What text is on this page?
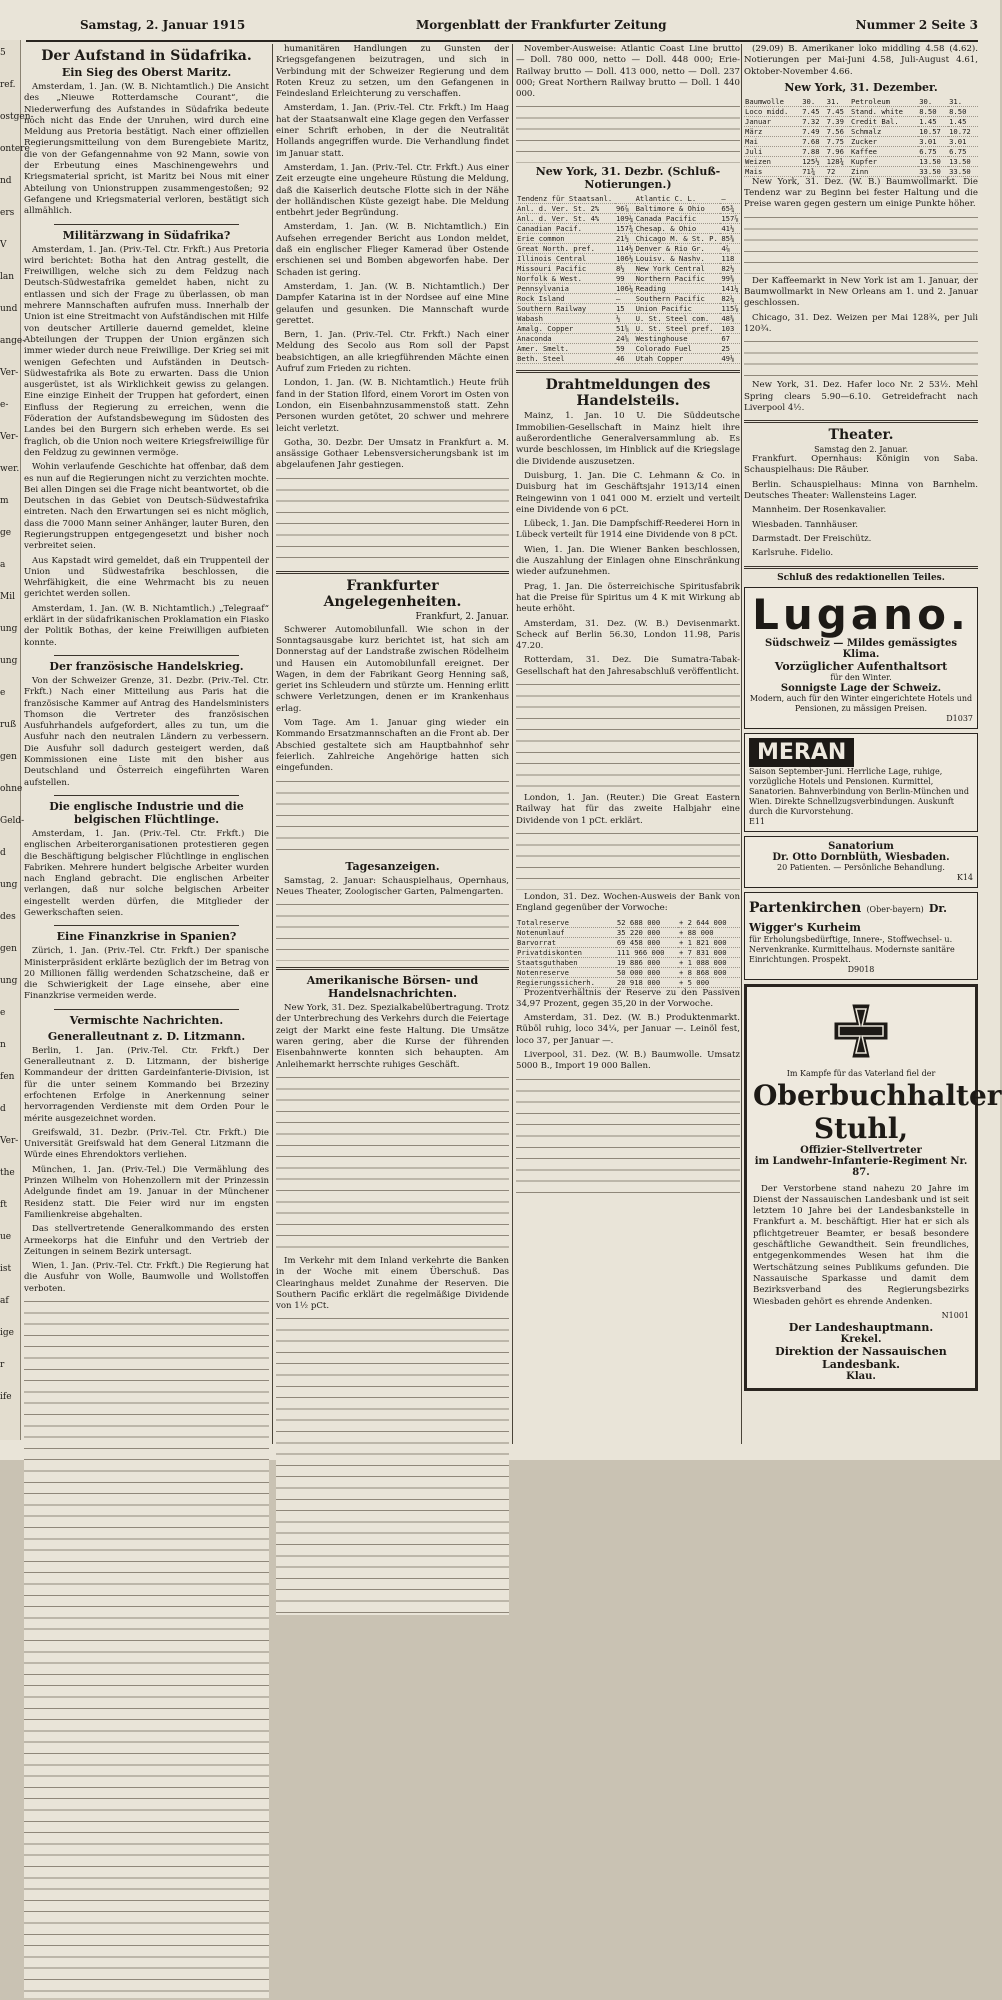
5
ref.
ostgen-
ontere
nd
ers
V
lan
und
ange-
Ver-
e-
Ver-
wer.
m
ge
a
Mil
ung
ung
e
ruß
gen
ohne
Geld-
d
ung
des
gen
ung
e
n
fen
d
Ver-
the
ft
ue
ist
af
ige
r
ife
Samstag, 2. Januar 1915	Morgenblatt der Frankfurter Zeitung	Nummer 2 Seite 3
Der Aufstand in Südafrika.
Ein Sieg des Oberst Maritz.

Amsterdam, 1. Jan. (W. B. Nichtamtlich.) Die Ansicht des „Nieuwe Rotterdamsche Courant“, die Niederwerfung des Aufstandes in Südafrika bedeute noch nicht das Ende der Unruhen, wird durch eine Meldung aus Pretoria bestätigt. Nach einer offiziellen Regierungsmitteilung von dem Burengebiete Maritz, die von der Gefangennahme von 92 Mann, sowie von der Erbeutung eines Maschinengewehrs und Kriegsmaterial spricht, ist Maritz bei Nous mit einer Abteilung von Unionstruppen zusammengestoßen; 92 Gefangene und Kriegsmaterial verloren, bestätigt sich allmählich.

Militärzwang in Südafrika?

Amsterdam, 1. Jan. (Priv.-Tel. Ctr. Frkft.) Aus Pretoria wird berichtet: Botha hat den Antrag gestellt, die Freiwilligen, welche sich zu dem Feldzug nach Deutsch-Südwestafrika gemeldet haben, nicht zu entlassen und sich der Frage zu überlassen, ob man mehrere Mannschaften aufrufen muss. Innerhalb der Union ist eine Streitmacht von Aufständischen mit Hilfe von deutscher Artillerie dauernd gemeldet, kleine Abteilungen der Truppen der Union ergänzen sich immer wieder durch neue Freiwillige. Der Krieg sei mit wenigen Gefechten und Aufständen in Deutsch-Südwestafrika als Bote zu erwarten. Dass die Union ausgerüstet, ist als Wirklichkeit gewiss zu gelangen. Eine einzige Einheit der Truppen hat gefordert, einen Einfluss der Regierung zu erreichen, wenn die Föderation der Aufstandsbewegung im Südosten des Landes bei den Burgern sich erheben werde. Es sei fraglich, ob die Union noch weitere Kriegsfreiwillige für den Feldzug zu gewinnen vermöge.

Wohin verlaufende Geschichte hat offenbar, daß dem es nun auf die Regierungen nicht zu verzichten mochte. Bei allen Dingen sei die Frage nicht beantwortet, ob die Deutschen in das Gebiet von Deutsch-Südwestafrika eintreten. Nach den Erwartungen sei es nicht möglich, dass die 7000 Mann seiner Anhänger, lauter Buren, den Regierungstruppen entgegengesetzt und bisher noch verbreitet seien.

Aus Kapstadt wird gemeldet, daß ein Truppenteil der Union und Südwestafrika beschlossen, die Wehrfähigkeit, die eine Wehrmacht bis zu neuen gerichtet werden sollen.

Amsterdam, 1. Jan. (W. B. Nichtamtlich.) „Telegraaf“ erklärt in der südafrikanischen Proklamation ein Fiasko der Politik Bothas, der keine Freiwilligen aufbieten konnte.

Der französische Handelskrieg.

Von der Schweizer Grenze, 31. Dezbr. (Priv.-Tel. Ctr. Frkft.) Nach einer Mitteilung aus Paris hat die französische Kammer auf Antrag des Handelsministers Thomson die Vertreter des französischen Ausfuhrhandels aufgefordert, alles zu tun, um die Ausfuhr nach den neutralen Ländern zu verbessern. Die Ausfuhr soll dadurch gesteigert werden, daß Kommissionen eine Liste mit den bisher aus Deutschland und Österreich eingeführten Waren aufstellen.

Die englische Industrie und die belgischen Flüchtlinge.

Amsterdam, 1. Jan. (Priv.-Tel. Ctr. Frkft.) Die englischen Arbeiterorganisationen protestieren gegen die Beschäftigung belgischer Flüchtlinge in englischen Fabriken. Mehrere hundert belgische Arbeiter wurden nach England gebracht. Die englischen Arbeiter verlangen, daß nur solche belgischen Arbeiter eingestellt werden dürfen, die Mitglieder der Gewerkschaften seien.

Eine Finanzkrise in Spanien?

Zürich, 1. Jan. (Priv.-Tel. Ctr. Frkft.) Der spanische Ministerpräsident erklärte bezüglich der im Betrag von 20 Millionen fällig werdenden Schatzscheine, daß er die Schwierigkeit der Lage einsehe, aber eine Finanzkrise vermeiden werde.

Vermischte Nachrichten.
Generalleutnant z. D. Litzmann.

Berlin, 1. Jan. (Priv.-Tel. Ctr. Frkft.) Der Generalleutnant z. D. Litzmann, der bisherige Kommandeur der dritten Gardeinfanterie-Division, ist für die unter seinem Kommando bei Brzeziny erfochtenen Erfolge in Anerkennung seiner hervorragenden Verdienste mit dem Orden Pour le mérite ausgezeichnet worden.

Greifswald, 31. Dezbr. (Priv.-Tel. Ctr. Frkft.) Die Universität Greifswald hat dem General Litzmann die Würde eines Ehrendoktors verliehen.

München, 1. Jan. (Priv.-Tel.) Die Vermählung des Prinzen Wilhelm von Hohenzollern mit der Prinzessin Adelgunde findet am 19. Januar in der Münchener Residenz statt. Die Feier wird nur im engsten Familienkreise abgehalten.

Das stellvertretende Generalkommando des ersten Armeekorps hat die Einfuhr und den Vertrieb der Zeitungen in seinem Bezirk untersagt.

Wien, 1. Jan. (Priv.-Tel. Ctr. Frkft.) Die Regierung hat die Ausfuhr von Wolle, Baumwolle und Wollstoffen verboten.

humanitären Handlungen zu Gunsten der Kriegsgefangenen beizutragen, und sich in Verbindung mit der Schweizer Regierung und dem Roten Kreuz zu setzen, um den Gefangenen in Feindesland Erleichterung zu verschaffen.

Amsterdam, 1. Jan. (Priv.-Tel. Ctr. Frkft.) Im Haag hat der Staatsanwalt eine Klage gegen den Verfasser einer Schrift erhoben, in der die Neutralität Hollands angegriffen wurde. Die Verhandlung findet im Januar statt.

Amsterdam, 1. Jan. (Priv.-Tel. Ctr. Frkft.) Aus einer Zeit erzeugte eine ungeheure Rüstung die Meldung, daß die Kaiserlich deutsche Flotte sich in der Nähe der holländischen Küste gezeigt habe. Die Meldung entbehrt jeder Begründung.

Amsterdam, 1. Jan. (W. B. Nichtamtlich.) Ein Aufsehen erregender Bericht aus London meldet, daß ein englischer Flieger Kamerad über Ostende erschienen sei und Bomben abgeworfen habe. Der Schaden ist gering.

Amsterdam, 1. Jan. (W. B. Nichtamtlich.) Der Dampfer Katarina ist in der Nordsee auf eine Mine gelaufen und gesunken. Die Mannschaft wurde gerettet.

Bern, 1. Jan. (Priv.-Tel. Ctr. Frkft.) Nach einer Meldung des Secolo aus Rom soll der Papst beabsichtigen, an alle kriegführenden Mächte einen Aufruf zum Frieden zu richten.

London, 1. Jan. (W. B. Nichtamtlich.) Heute früh fand in der Station Ilford, einem Vorort im Osten von London, ein Eisenbahnzusammenstoß statt. Zehn Personen wurden getötet, 20 schwer und mehrere leicht verletzt.

Gotha, 30. Dezbr. Der Umsatz in Frankfurt a. M. ansässige Gothaer Lebensversicherungsbank ist im abgelaufenen Jahr gestiegen.

Frankfurter Angelegenheiten.
Frankfurt, 2. Januar.

Schwerer Automobilunfall. Wie schon in der Sonntagsausgabe kurz berichtet ist, hat sich am Donnerstag auf der Landstraße zwischen Rödelheim und Hausen ein Automobilunfall ereignet. Der Wagen, in dem der Fabrikant Georg Henning saß, geriet ins Schleudern und stürzte um. Henning erlitt schwere Verletzungen, denen er im Krankenhaus erlag.

Vom Tage. Am 1. Januar ging wieder ein Kommando Ersatzmannschaften an die Front ab. Der Abschied gestaltete sich am Hauptbahnhof sehr feierlich. Zahlreiche Angehörige hatten sich eingefunden.

Tagesanzeigen.

Samstag, 2. Januar: Schauspielhaus, Opernhaus, Neues Theater, Zoologischer Garten, Palmengarten.

Amerikanische Börsen- und Handelsnachrichten.

New York, 31. Dez. Spezialkabelübertragung. Trotz der Unterbrechung des Verkehrs durch die Feiertage zeigt der Markt eine feste Haltung. Die Umsätze waren gering, aber die Kurse der führenden Eisenbahnwerte konnten sich behaupten. Am Anleihemarkt herrschte ruhiges Geschäft.

Im Verkehr mit dem Inland verkehrte die Banken in der Woche mit einem Überschuß. Das Clearinghaus meldet Zunahme der Reserven. Die Southern Pacific erklärt die regelmäßige Dividende von 1½ pCt.

November-Ausweise: Atlantic Coast Line brutto — Doll. 780 000, netto — Doll. 448 000; Erie-Railway brutto — Doll. 413 000, netto — Doll. 237 000; Great Northern Railway brutto — Doll. 1 440 000.

New York, 31. Dezbr. (Schluß-Notierungen.)
Tendenz für Staatsanl.		Atlantic C. L.	—
Anl. d. Ver. St. 2%	96⅞	Baltimore & Ohio	65¾
Anl. d. Ver. St. 4%	109¼	Canada Pacific	157⅞
Canadian Pacif.	157¾	Chesap. & Ohio	41½
Erie common	21½	Chicago M. & St. P.	85⅜
Great North. pref.	114½	Denver & Rio Gr.	4⅞
Illinois Central	106½	Louisv. & Nashv.	118
Missouri Pacific	8½	New York Central	82½
Norfolk & West.	99	Northern Pacific	99⅜
Pennsylvania	106¼	Reading	141¼
Rock Island	—	Southern Pacific	82¼
Southern Railway	15	Union Pacific	115⅞
Wabash	½	U. St. Steel com.	48⅜
Amalg. Copper	51⅝	U. St. Steel pref.	103
Anaconda	24⅝	Westinghouse	67
Amer. Smelt.	59	Colorado Fuel	25
Beth. Steel	46	Utah Copper	49⅛
Drahtmeldungen des Handelsteils.

Mainz, 1. Jan. 10 U. Die Süddeutsche Immobilien-Gesellschaft in Mainz hielt ihre außerordentliche Generalversammlung ab. Es wurde beschlossen, im Hinblick auf die Kriegslage die Dividende auszusetzen.

Duisburg, 1. Jan. Die C. Lehmann & Co. in Duisburg hat im Geschäftsjahr 1913/14 einen Reingewinn von 1 041 000 M. erzielt und verteilt eine Dividende von 6 pCt.

Lübeck, 1. Jan. Die Dampfschiff-Reederei Horn in Lübeck verteilt für 1914 eine Dividende von 8 pCt.

Wien, 1. Jan. Die Wiener Banken beschlossen, die Auszahlung der Einlagen ohne Einschränkung wieder aufzunehmen.

Prag, 1. Jan. Die österreichische Spiritusfabrik hat die Preise für Spiritus um 4 K mit Wirkung ab heute erhöht.

Amsterdam, 31. Dez. (W. B.) Devisenmarkt. Scheck auf Berlin 56.30, London 11.98, Paris 47.20.

Rotterdam, 31. Dez. Die Sumatra-Tabak-Gesellschaft hat den Jahresabschluß veröffentlicht.

London, 1. Jan. (Reuter.) Die Great Eastern Railway hat für das zweite Halbjahr eine Dividende von 1 pCt. erklärt.

London, 31. Dez. Wochen-Ausweis der Bank von England gegenüber der Vorwoche:

Totalreserve	52 688 000	+ 2 644 000
Notenumlauf	35 220 000	+ 88 000
Barvorrat	69 458 000	+ 1 821 000
Privatdiskonten	111 966 000	+ 7 831 000
Staatsguthaben	19 886 000	+ 1 088 000
Notenreserve	50 000 000	+ 8 868 000
Regierungssicherh.	20 918 000	+ 5 000

Prozentverhältnis der Reserve zu den Passiven 34,97 Prozent, gegen 35,20 in der Vorwoche.

Amsterdam, 31. Dez. (W. B.) Produktenmarkt. Rüböl ruhig, loco 34¼, per Januar —. Leinöl fest, loco 37, per Januar —.

Liverpool, 31. Dez. (W. B.) Baumwolle. Umsatz 5000 B., Import 19 000 Ballen.

(29.09) B. Amerikaner loko middling 4.58 (4.62). Notierungen per Mai-Juni 4.58, Juli-August 4.61, Oktober-November 4.66.

New York, 31. Dezember.
Baumwolle	30.	31.	Petroleum	30.	31.
Loco midd.	7.45	7.45	Stand. white	8.50	8.50
Januar	7.32	7.39	Credit Bal.	1.45	1.45
März	7.49	7.56	Schmalz	10.57	10.72
Mai	7.68	7.75	Zucker	3.01	3.01
Juli	7.88	7.96	Kaffee	6.75	6.75
Weizen	125½	128¾	Kupfer	13.50	13.50
Mais	71¾	72	Zinn	33.50	33.50

New York, 31. Dez. (W. B.) Baumwollmarkt. Die Tendenz war zu Beginn bei fester Haltung und die Preise waren gegen gestern um einige Punkte höher.

Der Kaffeemarkt in New York ist am 1. Januar, der Baumwollmarkt in New Orleans am 1. und 2. Januar geschlossen.

Chicago, 31. Dez. Weizen per Mai 128¾, per Juli 120¾.

New York, 31. Dez. Hafer loco Nr. 2 53½. Mehl Spring clears 5.90—6.10. Getreidefracht nach Liverpool 4½.

Theater.
Samstag den 2. Januar.

Frankfurt. Opernhaus: Königin von Saba. Schauspielhaus: Die Räuber.

Berlin. Schauspielhaus: Minna von Barnhelm. Deutsches Theater: Wallensteins Lager.

Mannheim. Der Rosenkavalier.

Wiesbaden. Tannhäuser.

Darmstadt. Der Freischütz.

Karlsruhe. Fidelio.

Schluß des redaktionellen Teiles.
Lugano.
Südschweiz — Mildes gemässigtes Klima.
Vorzüglicher Aufenthaltsort
für den Winter.
Sonnigste Lage der Schweiz.
Modern, auch für den Winter eingerichtete Hotels und Pensionen, zu mässigen Preisen.
D1037
MERAN
Saison September-Juni. Herrliche Lage, ruhige, vorzügliche Hotels und Pensionen. Kurmittel, Sanatorien. Bahnverbindung von Berlin-München und Wien. Direkte Schnellzugsverbindungen. Auskunft durch die Kurvorstehung.
E11
Sanatorium
Dr. Otto Dornblüth, Wiesbaden.
20 Patienten. — Persönliche Behandlung.
K14
Partenkirchen (Ober-bayern) Dr. Wigger's Kurheim
für Erholungsbedürftige, Innere-, Stoffwechsel- u. Nervenkranke. Kurmittelhaus. Modernste sanitäre Einrichtungen. Prospekt.
D9018
Im Kampfe für das Vaterland fiel der
Oberbuchhalter Stuhl,
Offizier-Stellvertreter
im Landwehr-Infanterie-Regiment Nr. 87.

Der Verstorbene stand nahezu 20 Jahre im Dienst der Nassauischen Landesbank und ist seit letztem 10 Jahre bei der Landesbankstelle in Frankfurt a. M. beschäftigt. Hier hat er sich als pflichtgetreuer Beamter, er besaß besondere geschäftliche Gewandtheit. Sein freundliches, entgegenkommendes Wesen hat ihm die Wertschätzung seines Publikums gefunden. Die Nassauische Sparkasse und damit dem Bezirksverband des Regierungsbezirks Wiesbaden gehört es ehrende Andenken.

N1001
Der Landeshauptmann.
Krekel.
Direktion der Nassauischen Landesbank.
Klau.
